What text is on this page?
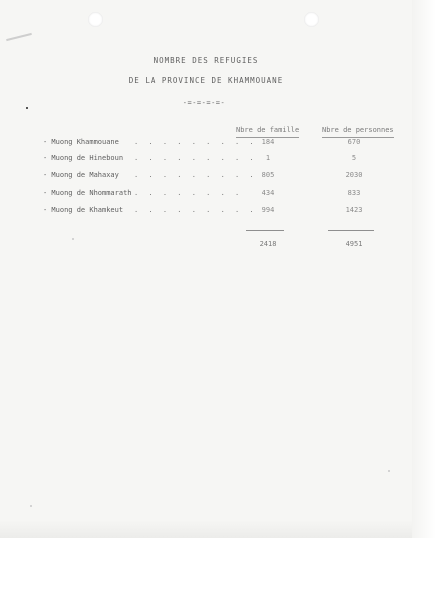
NOMBRE DES REFUGIES
DE LA PROVINCE DE KHAMMOUANE
-=-=-=-=-
Nbre de famille	Nbre de personnes
- Muong Khammouane . . . . . . . . . 184	670
- Muong de Hineboun . . . . . . . . .	1	5
- Muong de Mahaxay . . . . . . . . . 805	2030
- Muong de Nhommarath . . . . . . . .	434	833
- Muong de Khamkeut . . . . . . . . . 994	1423
2418	4951
